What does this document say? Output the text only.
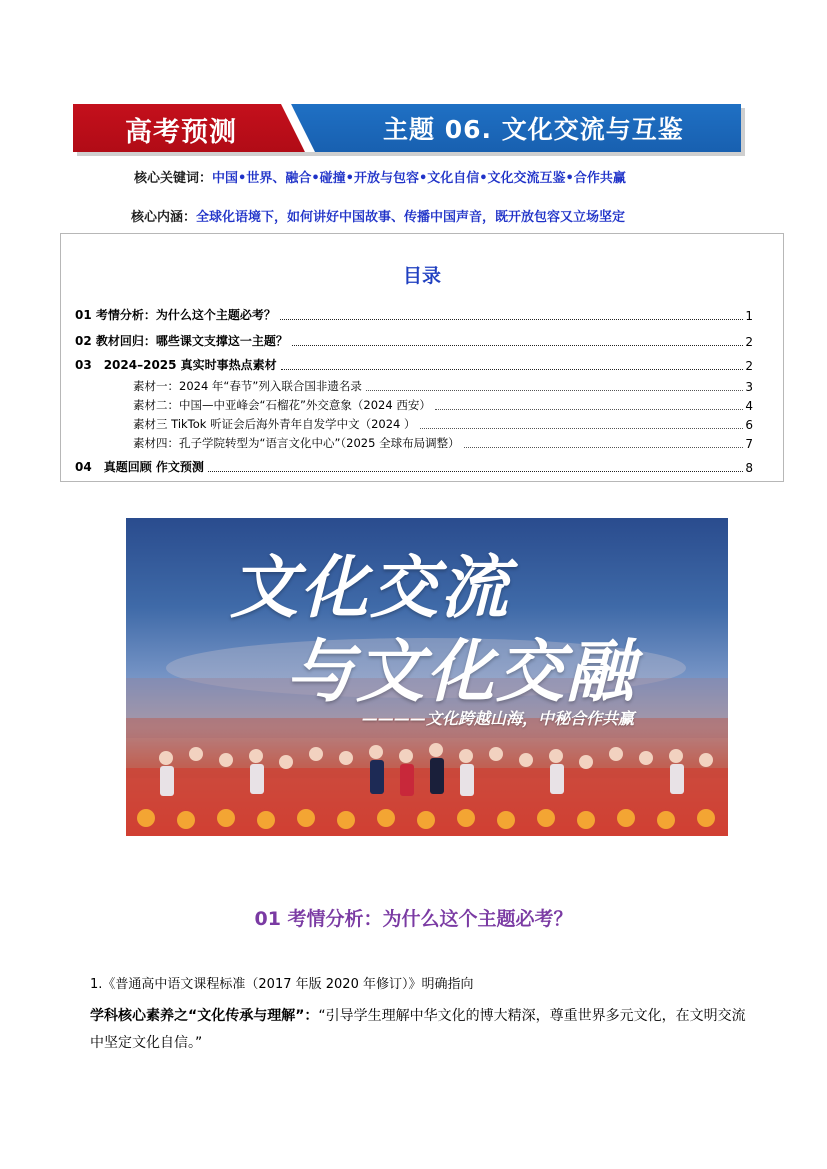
高考预测	主题 06. 文化交流与互鉴
核心关键词：中国•世界、融合•碰撞•开放与包容•文化自信•文化交流互鉴•合作共赢
核心内涵：全球化语境下，如何讲好中国故事、传播中国声音，既开放包容又立场坚定
目录
01 考情分析：为什么这个主题必考？	1
02 教材回归：哪些课文支撑这一主题？	2
03　2024–2025 真实时事热点素材	2
素材一：2024 年“春节”列入联合国非遗名录	3
素材二：中国—中亚峰会“石榴花”外交意象（2024 西安）	4
素材三 TikTok 听证会后海外青年自发学中文（2024 ）	6
素材四：孔子学院转型为“语言文化中心”（2025 全球布局调整）	7
04　真题回顾 作文预测	8
文化交流
与文化交融
————文化跨越山海，中秘合作共赢
01 考情分析：为什么这个主题必考？
1.《普通高中语文课程标准（2017 年版 2020 年修订）》明确指向
学科核心素养之“文化传承与理解”：“引导学生理解中华文化的博大精深，尊重世界多元文化，在文明交流中坚定文化自信。”
